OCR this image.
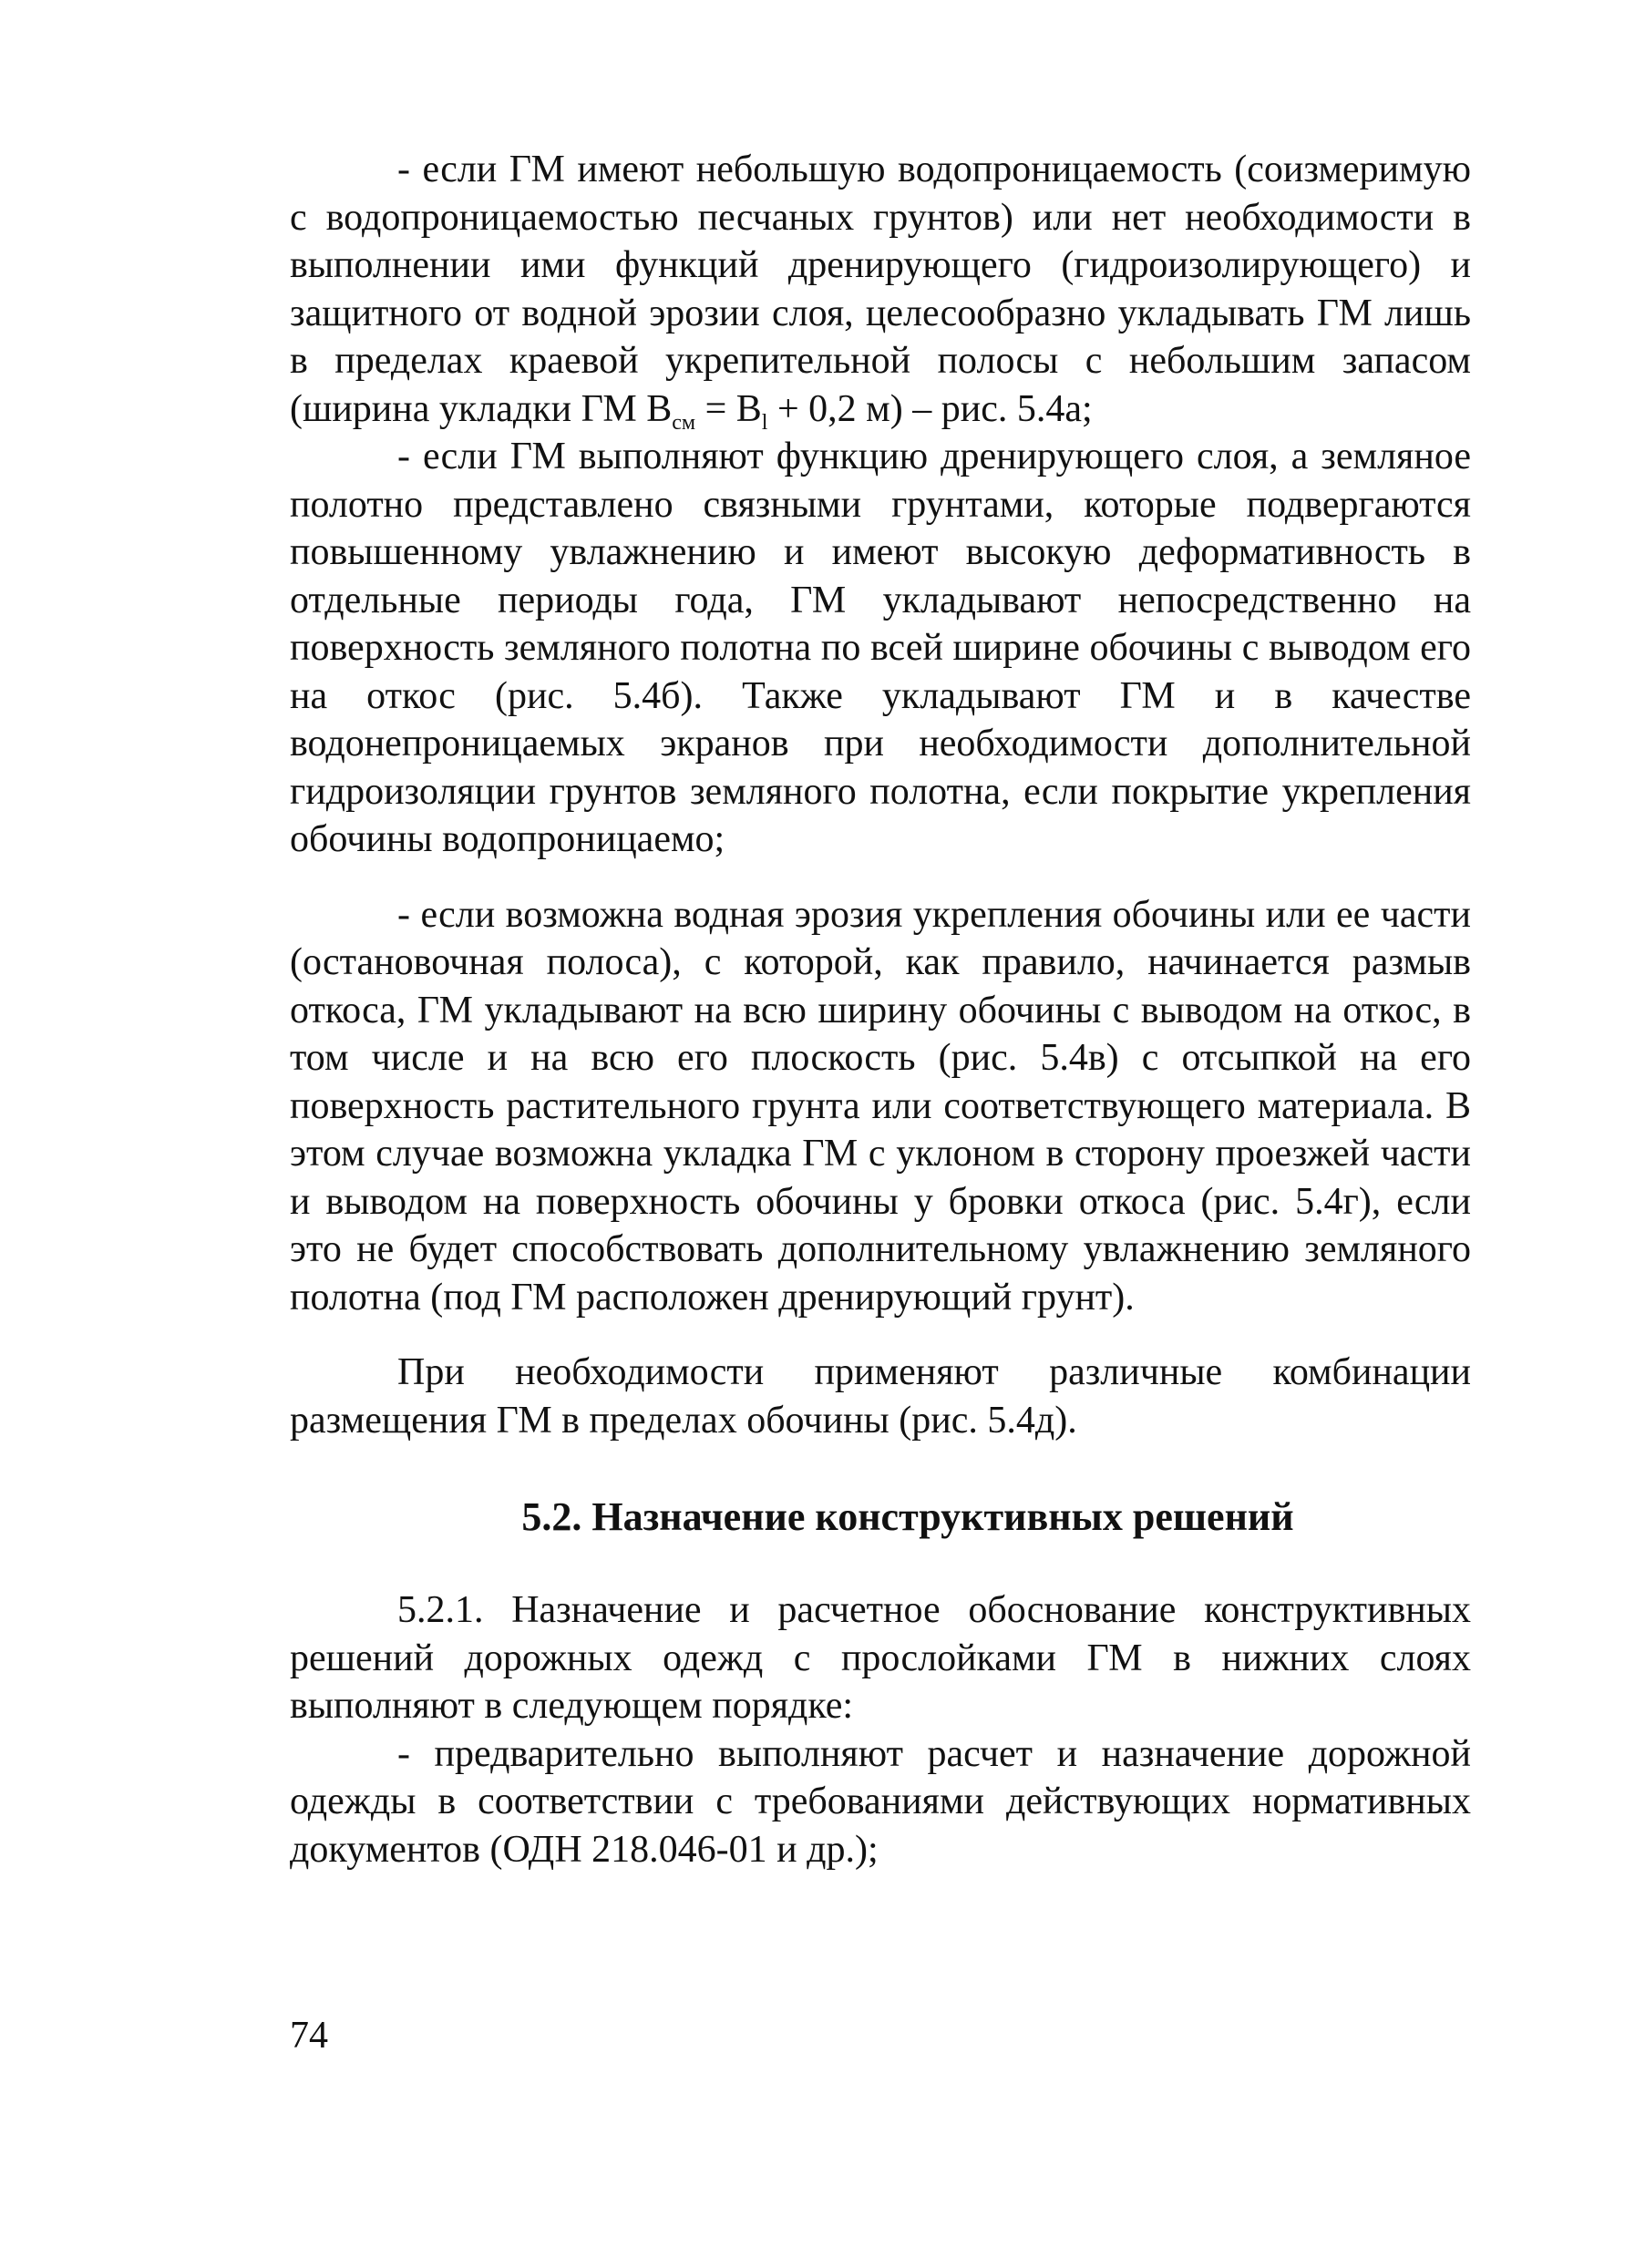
- если ГМ имеют небольшую водопроницаемость (соизмеримую с водопроницаемостью песчаных грунтов) или нет необходимости в выполнении ими функций дренирующего (гидроизолирующего) и защитного от водной эрозии слоя, целесообразно укладывать ГМ лишь в пределах краевой укрепительной полосы с небольшим запасом (ширина укладки ГМ $В_{см} = В_l + 0,2$ м) – рис. 5.4а;

- если ГМ выполняют функцию дренирующего слоя, а земляное полотно представлено связными грунтами, которые подвергаются повышенному увлажнению и имеют высокую деформативность в отдельные периоды года, ГМ укладывают непосредственно на поверхность земляного полотна по всей ширине обочины с выводом его на откос (рис. 5.4б). Также укладывают ГМ и в качестве водонепроницаемых экранов при необходимости дополнительной гидроизоляции грунтов земляного полотна, если покрытие укрепления обочины водопроницаемо;

- если возможна водная эрозия укрепления обочины или ее части (остановочная полоса), с которой, как правило, начинается размыв откоса, ГМ укладывают на всю ширину обочины с выводом на откос, в том числе и на всю его плоскость (рис. 5.4в) с отсыпкой на его поверхность растительного грунта или соответствующего материала. В этом случае возможна укладка ГМ с уклоном в сторону проезжей части и выводом на поверхность обочины у бровки откоса (рис. 5.4г), если это не будет способствовать дополнительному увлажнению земляного полотна (под ГМ расположен дренирующий грунт).

При необходимости применяют различные комбинации размещения ГМ в пределах обочины (рис. 5.4д).

5.2. Назначение конструктивных решений

5.2.1. Назначение и расчетное обоснование конструктивных решений дорожных одежд с прослойками ГМ в нижних слоях выполняют в следующем порядке:

- предварительно выполняют расчет и назначение дорожной одежды в соответствии с требованиями действующих нормативных документов (ОДН 218.046-01 и др.);

74
